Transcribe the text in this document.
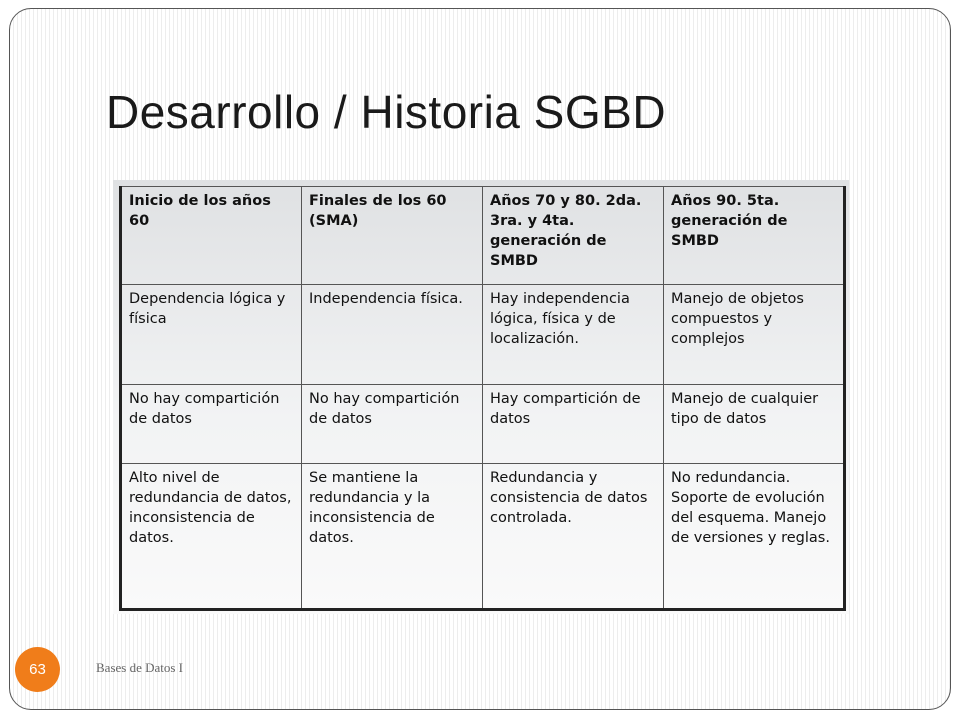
Desarrollo / Historia SGBD
Inicio de los años 60	Finales de los 60 (SMA)	Años 70 y 80. 2da. 3ra. y 4ta. generación de SMBD	Años 90. 5ta. generación de SMBD
Dependencia lógica y física	Independencia física.	Hay independencia lógica, física y de localización.	Manejo de objetos compuestos y complejos
No hay compartición de datos	No hay compartición de datos	Hay compartición de datos	Manejo de cualquier tipo de datos
Alto nivel de redundancia de datos, inconsistencia de datos.	Se mantiene la redundancia y la inconsistencia de datos.	Redundancia y consistencia de datos controlada.	No redundancia. Soporte de evolución del esquema. Manejo de versiones y reglas.
63	Bases de Datos I
